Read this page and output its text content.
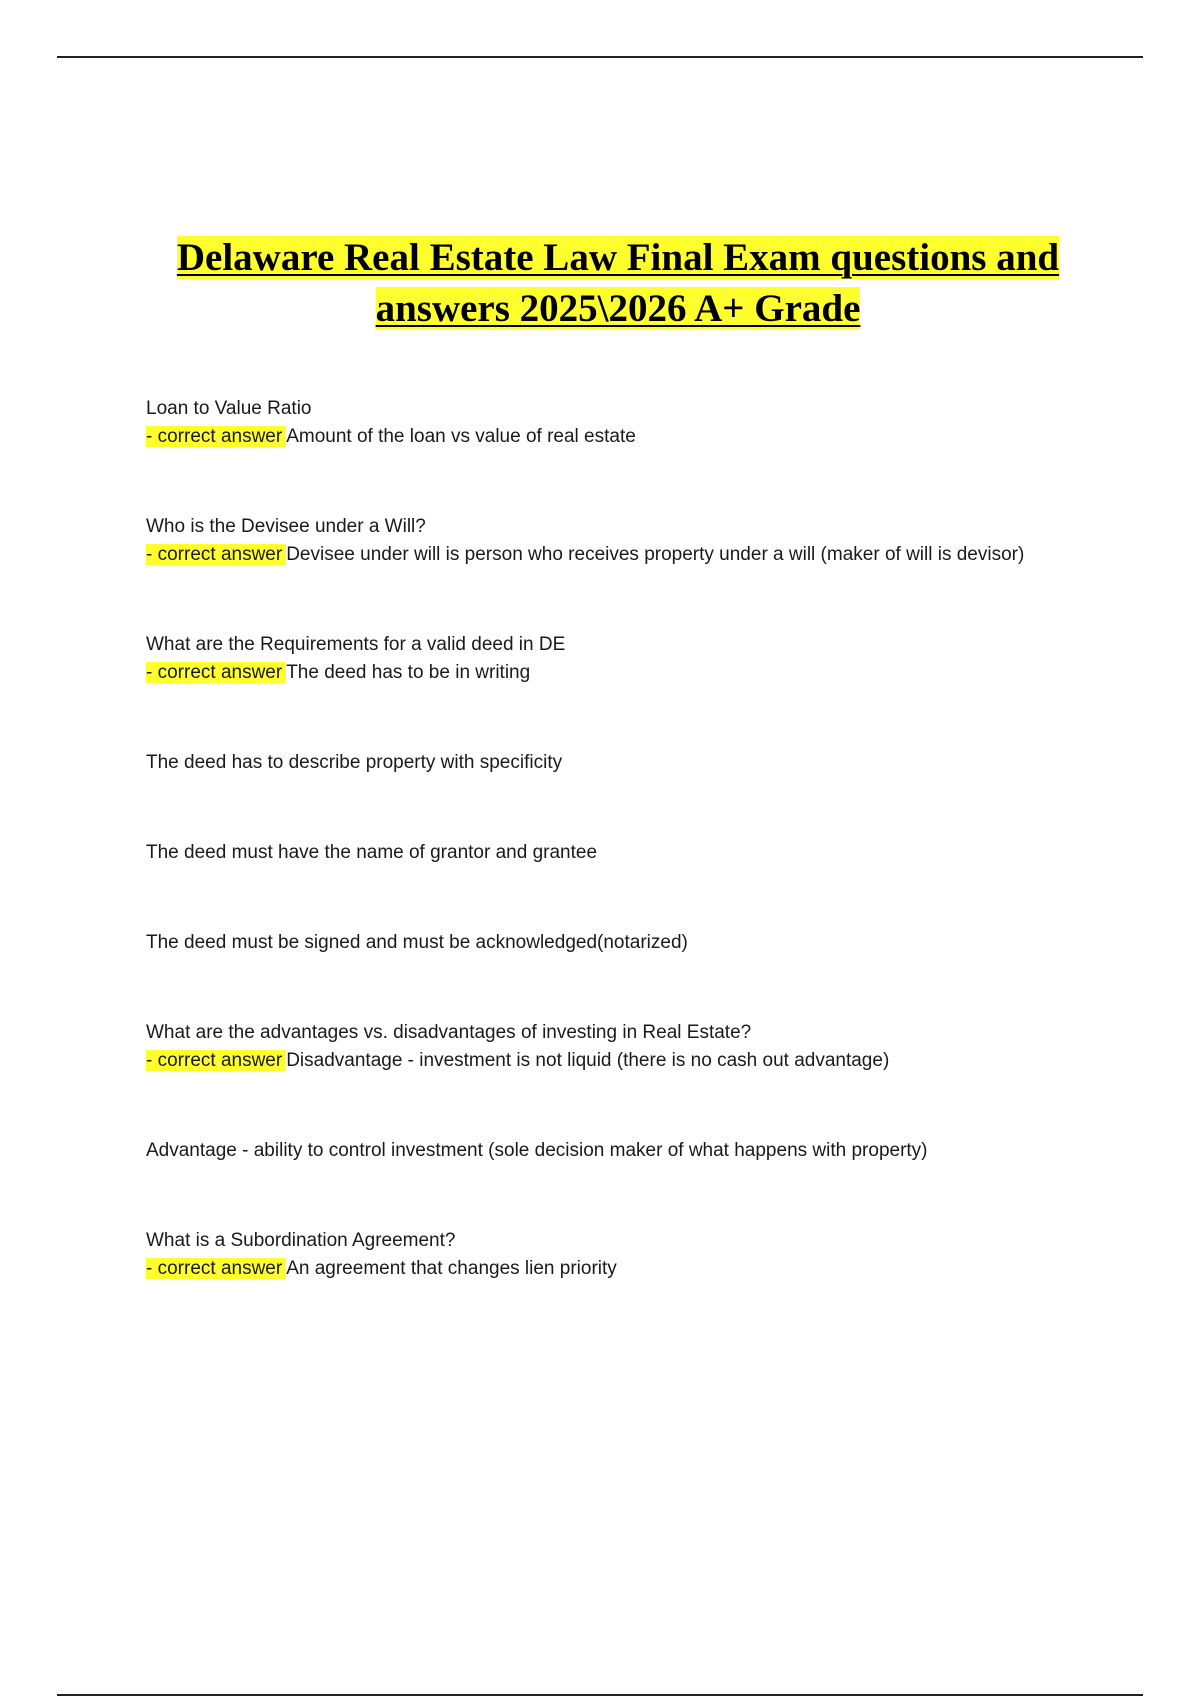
Delaware Real Estate Law Final Exam questions and answers 2025\2026 A+ Grade

Loan to Value Ratio

- correct answer Amount of the loan vs value of real estate

Who is the Devisee under a Will?

- correct answer Devisee under will is person who receives property under a will (maker of will is devisor)

What are the Requirements for a valid deed in DE

- correct answer The deed has to be in writing

The deed has to describe property with specificity

The deed must have the name of grantor and grantee

The deed must be signed and must be acknowledged(notarized)

What are the advantages vs. disadvantages of investing in Real Estate?

- correct answer Disadvantage - investment is not liquid (there is no cash out advantage)

Advantage - ability to control investment (sole decision maker of what happens with property)

What is a Subordination Agreement?

- correct answer An agreement that changes lien priority
